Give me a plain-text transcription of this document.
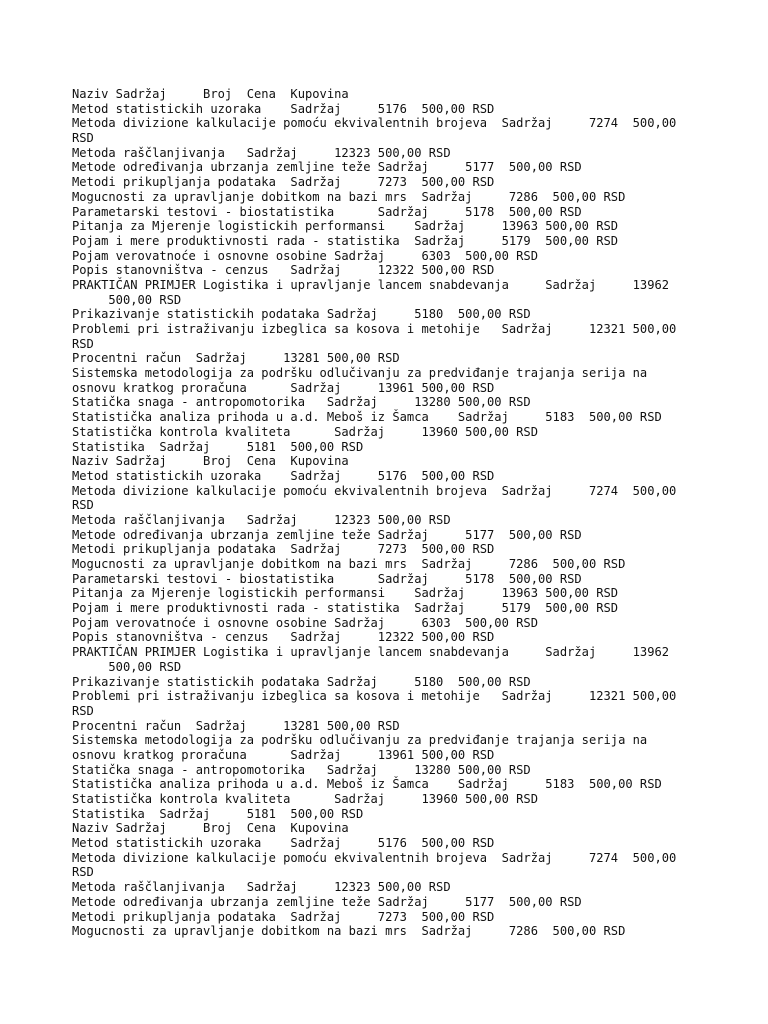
Naziv Sadržaj     Broj  Cena  Kupovina
Metod statistickih uzoraka    Sadržaj     5176  500,00 RSD
Metoda divizione kalkulacije pomoću ekvivalentnih brojeva  Sadržaj     7274  500,00
RSD
Metoda raščlanjivanja   Sadržaj     12323 500,00 RSD
Metode određivanja ubrzanja zemljine teže Sadržaj     5177  500,00 RSD
Metodi prikupljanja podataka  Sadržaj     7273  500,00 RSD
Mogucnosti za upravljanje dobitkom na bazi mrs  Sadržaj     7286  500,00 RSD
Parametarski testovi - biostatistika      Sadržaj     5178  500,00 RSD
Pitanja za Mjerenje logistickih performansi    Sadržaj     13963 500,00 RSD
Pojam i mere produktivnosti rada - statistika  Sadržaj     5179  500,00 RSD
Pojam verovatnoće i osnovne osobine Sadržaj     6303  500,00 RSD
Popis stanovništva - cenzus   Sadržaj     12322 500,00 RSD
PRAKTIČAN PRIMJER Logistika i upravljanje lancem snabdevanja     Sadržaj     13962
500,00 RSD
Prikazivanje statistickih podataka Sadržaj     5180  500,00 RSD
Problemi pri istraživanju izbeglica sa kosova i metohije   Sadržaj     12321 500,00
RSD
Procentni račun  Sadržaj     13281 500,00 RSD
Sistemska metodologija za podršku odlučivanju za predviđanje trajanja serija na
osnovu kratkog proračuna      Sadržaj     13961 500,00 RSD
Statička snaga - antropomotorika   Sadržaj     13280 500,00 RSD
Statistička analiza prihoda u a.d. Meboš iz Šamca    Sadržaj     5183  500,00 RSD
Statistička kontrola kvaliteta      Sadržaj     13960 500,00 RSD
Statistika  Sadržaj     5181  500,00 RSD
Naziv Sadržaj     Broj  Cena  Kupovina
Metod statistickih uzoraka    Sadržaj     5176  500,00 RSD
Metoda divizione kalkulacije pomoću ekvivalentnih brojeva  Sadržaj     7274  500,00
RSD
Metoda raščlanjivanja   Sadržaj     12323 500,00 RSD
Metode određivanja ubrzanja zemljine teže Sadržaj     5177  500,00 RSD
Metodi prikupljanja podataka  Sadržaj     7273  500,00 RSD
Mogucnosti za upravljanje dobitkom na bazi mrs  Sadržaj     7286  500,00 RSD
Parametarski testovi - biostatistika      Sadržaj     5178  500,00 RSD
Pitanja za Mjerenje logistickih performansi    Sadržaj     13963 500,00 RSD
Pojam i mere produktivnosti rada - statistika  Sadržaj     5179  500,00 RSD
Pojam verovatnoće i osnovne osobine Sadržaj     6303  500,00 RSD
Popis stanovništva - cenzus   Sadržaj     12322 500,00 RSD
PRAKTIČAN PRIMJER Logistika i upravljanje lancem snabdevanja     Sadržaj     13962
500,00 RSD
Prikazivanje statistickih podataka Sadržaj     5180  500,00 RSD
Problemi pri istraživanju izbeglica sa kosova i metohije   Sadržaj     12321 500,00
RSD
Procentni račun  Sadržaj     13281 500,00 RSD
Sistemska metodologija za podršku odlučivanju za predviđanje trajanja serija na
osnovu kratkog proračuna      Sadržaj     13961 500,00 RSD
Statička snaga - antropomotorika   Sadržaj     13280 500,00 RSD
Statistička analiza prihoda u a.d. Meboš iz Šamca    Sadržaj     5183  500,00 RSD
Statistička kontrola kvaliteta      Sadržaj     13960 500,00 RSD
Statistika  Sadržaj     5181  500,00 RSD
Naziv Sadržaj     Broj  Cena  Kupovina
Metod statistickih uzoraka    Sadržaj     5176  500,00 RSD
Metoda divizione kalkulacije pomoću ekvivalentnih brojeva  Sadržaj     7274  500,00
RSD
Metoda raščlanjivanja   Sadržaj     12323 500,00 RSD
Metode određivanja ubrzanja zemljine teže Sadržaj     5177  500,00 RSD
Metodi prikupljanja podataka  Sadržaj     7273  500,00 RSD
Mogucnosti za upravljanje dobitkom na bazi mrs  Sadržaj     7286  500,00 RSD
